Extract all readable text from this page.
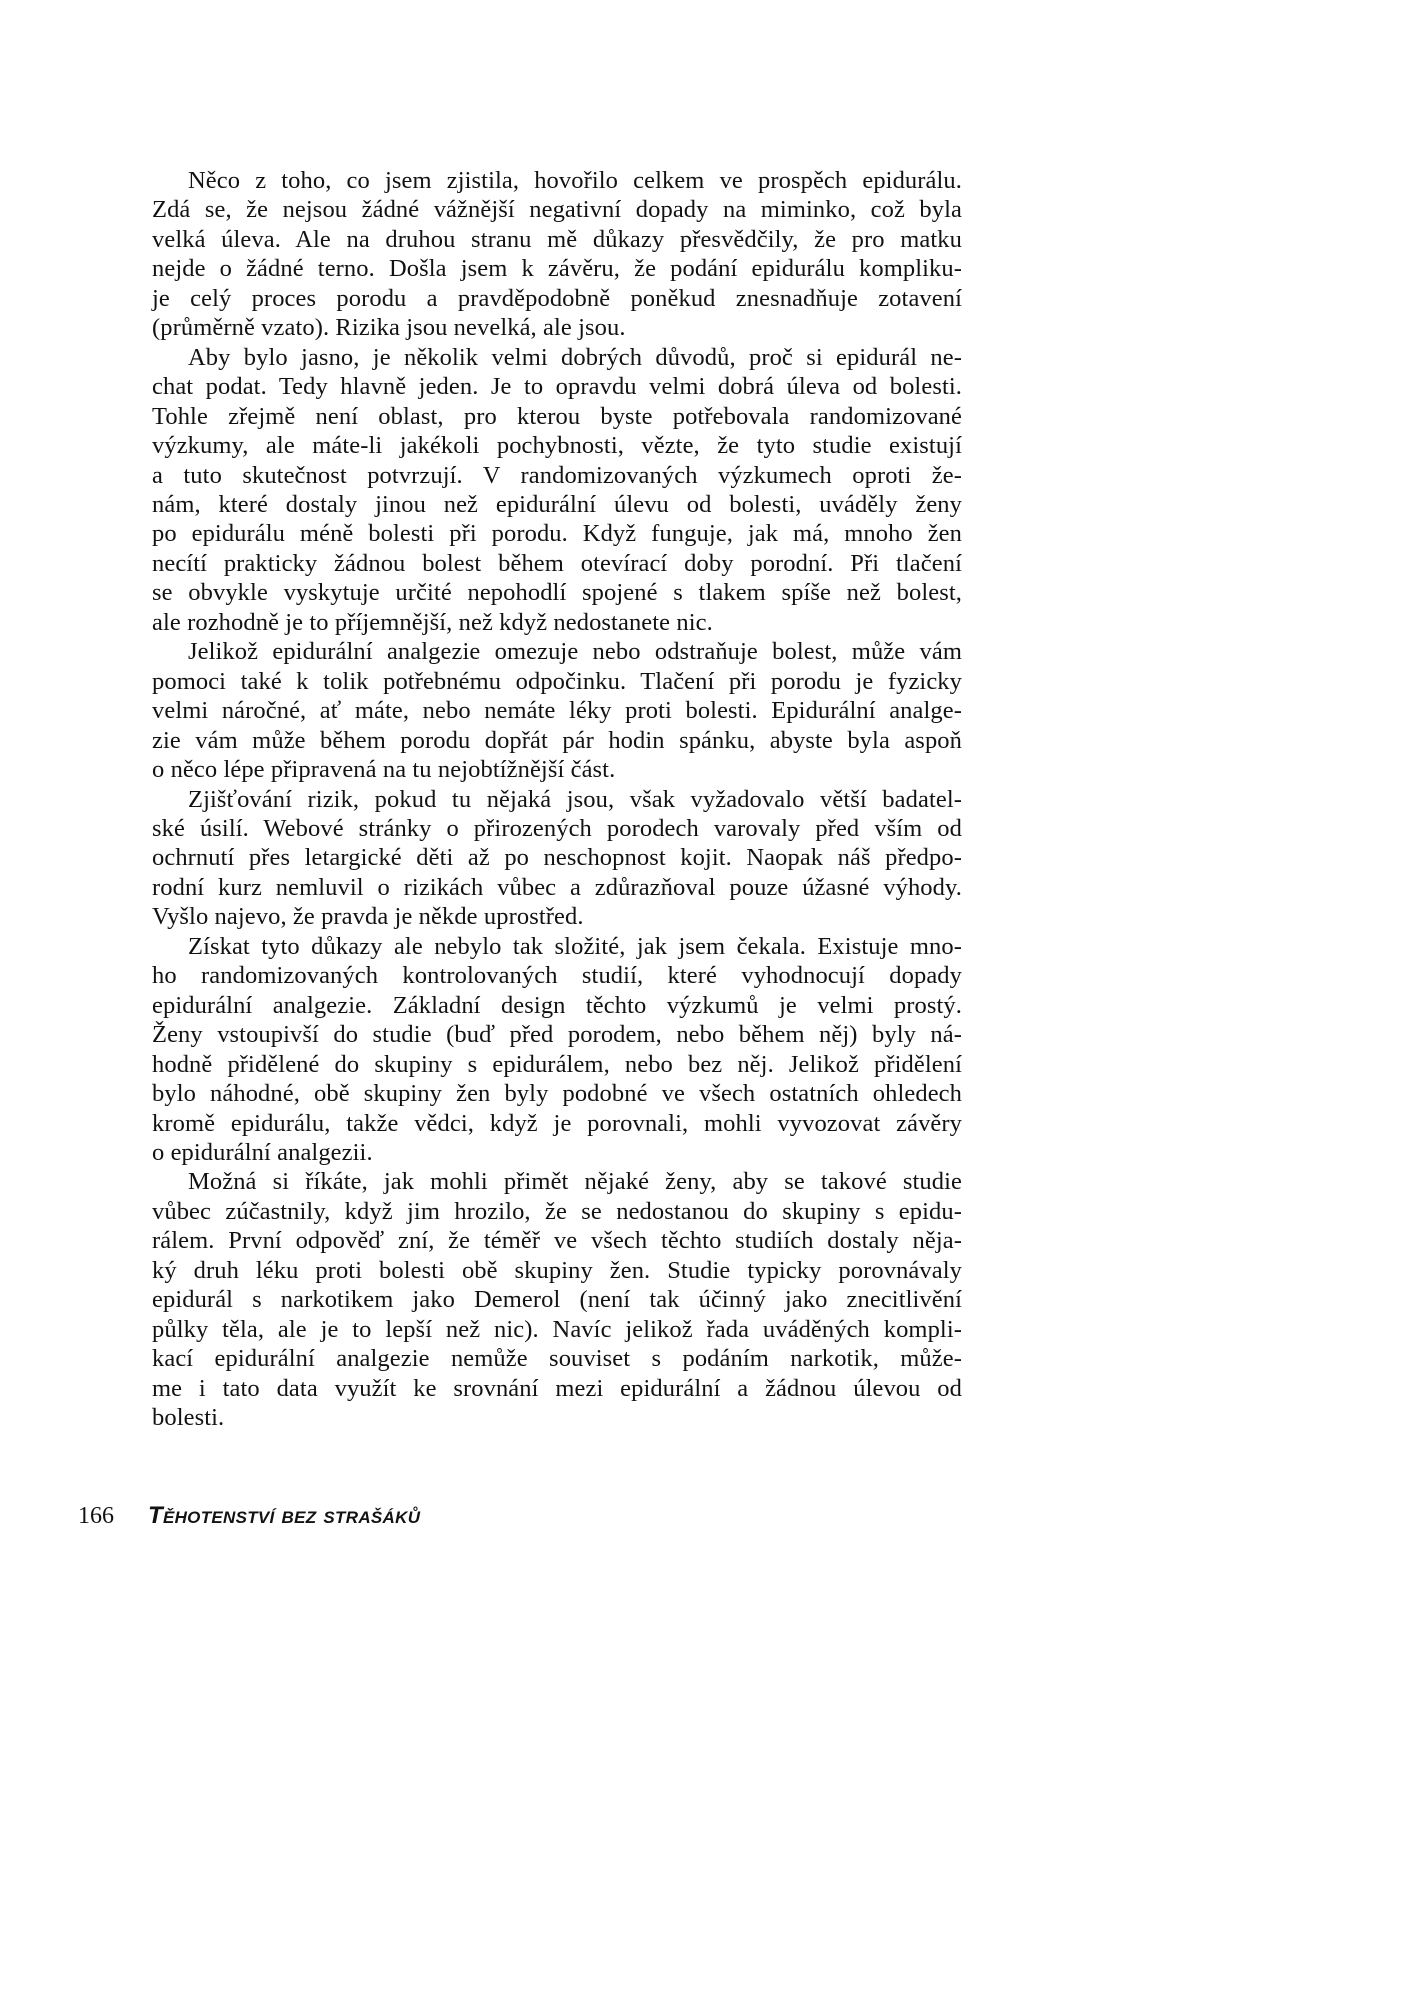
Něco z toho, co jsem zjistila, hovořilo celkem ve prospěch epidurálu.
Zdá se, že nejsou žádné vážnější negativní dopady na miminko, což byla
velká úleva. Ale na druhou stranu mě důkazy přesvědčily, že pro matku
nejde o žádné terno. Došla jsem k závěru, že podání epidurálu kompliku-
je celý proces porodu a pravděpodobně poněkud znesnadňuje zotavení
(průměrně vzato). Rizika jsou nevelká, ale jsou.
Aby bylo jasno, je několik velmi dobrých důvodů, proč si epidurál ne-
chat podat. Tedy hlavně jeden. Je to opravdu velmi dobrá úleva od bolesti.
Tohle zřejmě není oblast, pro kterou byste potřebovala randomizované
výzkumy, ale máte-li jakékoli pochybnosti, vězte, že tyto studie existují
a tuto skutečnost potvrzují. V randomizovaných výzkumech oproti že-
nám, které dostaly jinou než epidurální úlevu od bolesti, uváděly ženy
po epidurálu méně bolesti při porodu. Když funguje, jak má, mnoho žen
necítí prakticky žádnou bolest během otevírací doby porodní. Při tlačení
se obvykle vyskytuje určité nepohodlí spojené s tlakem spíše než bolest,
ale rozhodně je to příjemnější, než když nedostanete nic.
Jelikož epidurální analgezie omezuje nebo odstraňuje bolest, může vám
pomoci také k tolik potřebnému odpočinku. Tlačení při porodu je fyzicky
velmi náročné, ať máte, nebo nemáte léky proti bolesti. Epidurální analge-
zie vám může během porodu dopřát pár hodin spánku, abyste byla aspoň
o něco lépe připravená na tu nejobtížnější část.
Zjišťování rizik, pokud tu nějaká jsou, však vyžadovalo větší badatel-
ské úsilí. Webové stránky o přirozených porodech varovaly před vším od
ochrnutí přes letargické děti až po neschopnost kojit. Naopak náš předpo-
rodní kurz nemluvil o rizikách vůbec a zdůrazňoval pouze úžasné výhody.
Vyšlo najevo, že pravda je někde uprostřed.
Získat tyto důkazy ale nebylo tak složité, jak jsem čekala. Existuje mno-
ho randomizovaných kontrolovaných studií, které vyhodnocují dopady
epidurální analgezie. Základní design těchto výzkumů je velmi prostý.
Ženy vstoupivší do studie (buď před porodem, nebo během něj) byly ná-
hodně přidělené do skupiny s epidurálem, nebo bez něj. Jelikož přidělení
bylo náhodné, obě skupiny žen byly podobné ve všech ostatních ohledech
kromě epidurálu, takže vědci, když je porovnali, mohli vyvozovat závěry
o epidurální analgezii.
Možná si říkáte, jak mohli přimět nějaké ženy, aby se takové studie
vůbec zúčastnily, když jim hrozilo, že se nedostanou do skupiny s epidu-
rálem. První odpověď zní, že téměř ve všech těchto studiích dostaly něja-
ký druh léku proti bolesti obě skupiny žen. Studie typicky porovnávaly
epidurál s narkotikem jako Demerol (není tak účinný jako znecitlivění
půlky těla, ale je to lepší než nic). Navíc jelikož řada uváděných kompli-
kací epidurální analgezie nemůže souviset s podáním narkotik, může-
me i tato data využít ke srovnání mezi epidurální a žádnou úlevou od
bolesti.
166 Těhotenství bez strašáků
